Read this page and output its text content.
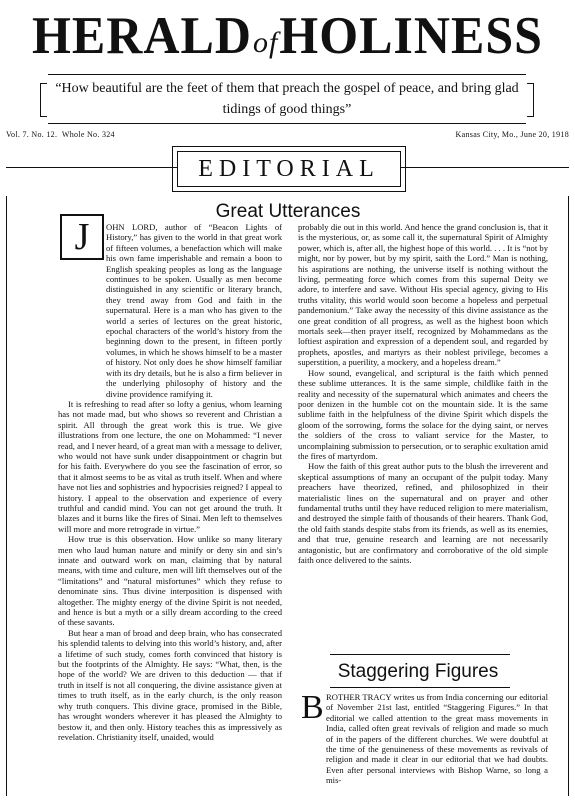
HERALDofHOLINESS
“How beautiful are the feet of them that preach the gospel of peace, and bring glad tidings of good things”
Vol. 7. No. 12. Whole No. 324	Kansas City, Mo., June 20, 1918
EDITORIAL
Great Utterances
J	OHN LORD, author of “Beacon Lights of History,” has given to the world in that great work of fifteen volumes, a benefaction which will make his own fame imperishable and remain a boon to English speaking peoples as long as the language continues to be spoken. Usually as men become distinguished in any scientific or literary branch, they trend away from God and faith in the supernatural. Here is a man who has given to the world a series of lectures on the great historic, epochal characters of the world’s history from the beginning down to the present, in fifteen portly volumes, in which he shows himself to be a master of history. Not only does he show himself familiar with its dry details, but he is also a firm believer in the underlying philosophy of history and the divine providence ramifying it.

It is refreshing to read after so lofty a genius, whom learning has not made mad, but who shows so reverent and Christian a spirit. All through the great work this is true. We give illustrations from one lecture, the one on Mohammed: “I never read, and I never heard, of a great man with a message to deliver, who would not have sunk under disappointment or chagrin but for his faith. Everywhere do you see the fascination of error, so that it almost seems to be as vital as truth itself. When and where have not lies and sophistries and hypocrisies reigned? I appeal to history. I appeal to the observation and experience of every truthful and candid mind. You can not get around the truth. It blazes and it burns like the fires of Sinai. Men left to themselves will more and more retrograde in virtue.”

How true is this observation. How unlike so many literary men who laud human nature and minify or deny sin and sin’s innate and outward work on man, claiming that by natural means, with time and culture, men will lift themselves out of the “limitations” and “natural misfortunes” which they refuse to denominate sins. Thus divine interposition is dispensed with altogether. The mighty energy of the divine Spirit is not needed, and hence is but a myth or a silly dream according to the creed of these savants.

But hear a man of broad and deep brain, who has consecrated his splendid talents to delving into this world’s history, and, after a lifetime of such study, comes forth convinced that history is but the footprints of the Almighty. He says: “What, then, is the hope of the world? We are driven to this deduction — that if truth in itself is not all conquering, the divine assistance given at times to truth itself, as in the early church, is the only reason why truth conquers. This divine grace, promised in the Bible, has wrought wonders wherever it has pleased the Almighty to bestow it, and then only. History teaches this as impressively as revelation. Christianity itself, unaided, would

probably die out in this world. And hence the grand conclusion is, that it is the mysterious, or, as some call it, the supernatural Spirit of Almighty power, which is, after all, the highest hope of this world. . . . It is “not by might, nor by power, but by my spirit, saith the Lord.” Man is nothing, his aspirations are nothing, the universe itself is nothing without the living, permeating force which comes from this supernal Deity we adore, to interfere and save. Without His special agency, giving to His truths vitality, this world would soon become a hopeless and perpetual pandemonium.” Take away the necessity of this divine assistance as the one great condition of all progress, as well as the highest boon which mortals seek—then prayer itself, recognized by Mohammedans as the loftiest aspiration and expression of a dependent soul, and regarded by prophets, apostles, and martyrs as their noblest privilege, becomes a superstition, a puerility, a mockery, and a hopeless dream.”

How sound, evangelical, and scriptural is the faith which penned these sublime utterances. It is the same simple, childlike faith in the reality and necessity of the supernatural which animates and cheers the poor denizen in the humble cot on the mountain side. It is the same sublime faith in the helpfulness of the divine Spirit which dispels the gloom of the sorrowing, forms the solace for the dying saint, or nerves the soldiers of the cross to valiant service for the Master, to uncomplaining submission to persecution, or to seraphic exultation amid the fires of martyrdom.

How the faith of this great author puts to the blush the irreverent and skeptical assumptions of many an occupant of the pulpit today. Many preachers have theorized, refined, and philosophized in their materialistic lines on the supernatural and on prayer and other fundamental truths until they have reduced religion to mere materialism, and destroyed the simple faith of thousands of their hearers. Thank God, the old faith stands despite stabs from its friends, as well as its enemies, and that true, genuine research and learning are not necessarily antagonistic, but are confirmatory and corroborative of the old simple faith once delivered to the saints.

Staggering Figures
B ROTHER TRACY writes us from India concerning our editorial of November 21st last, entitled “Staggering Figures.” In that editorial we called attention to the great mass movements in India, called often great revivals of religion and made so much of in the papers of the different churches. We were doubtful at the time of the genuineness of these movements as revivals of religion and made it clear in our editorial that we had doubts. Even after personal interviews with Bishop Warne, so long a mis-
